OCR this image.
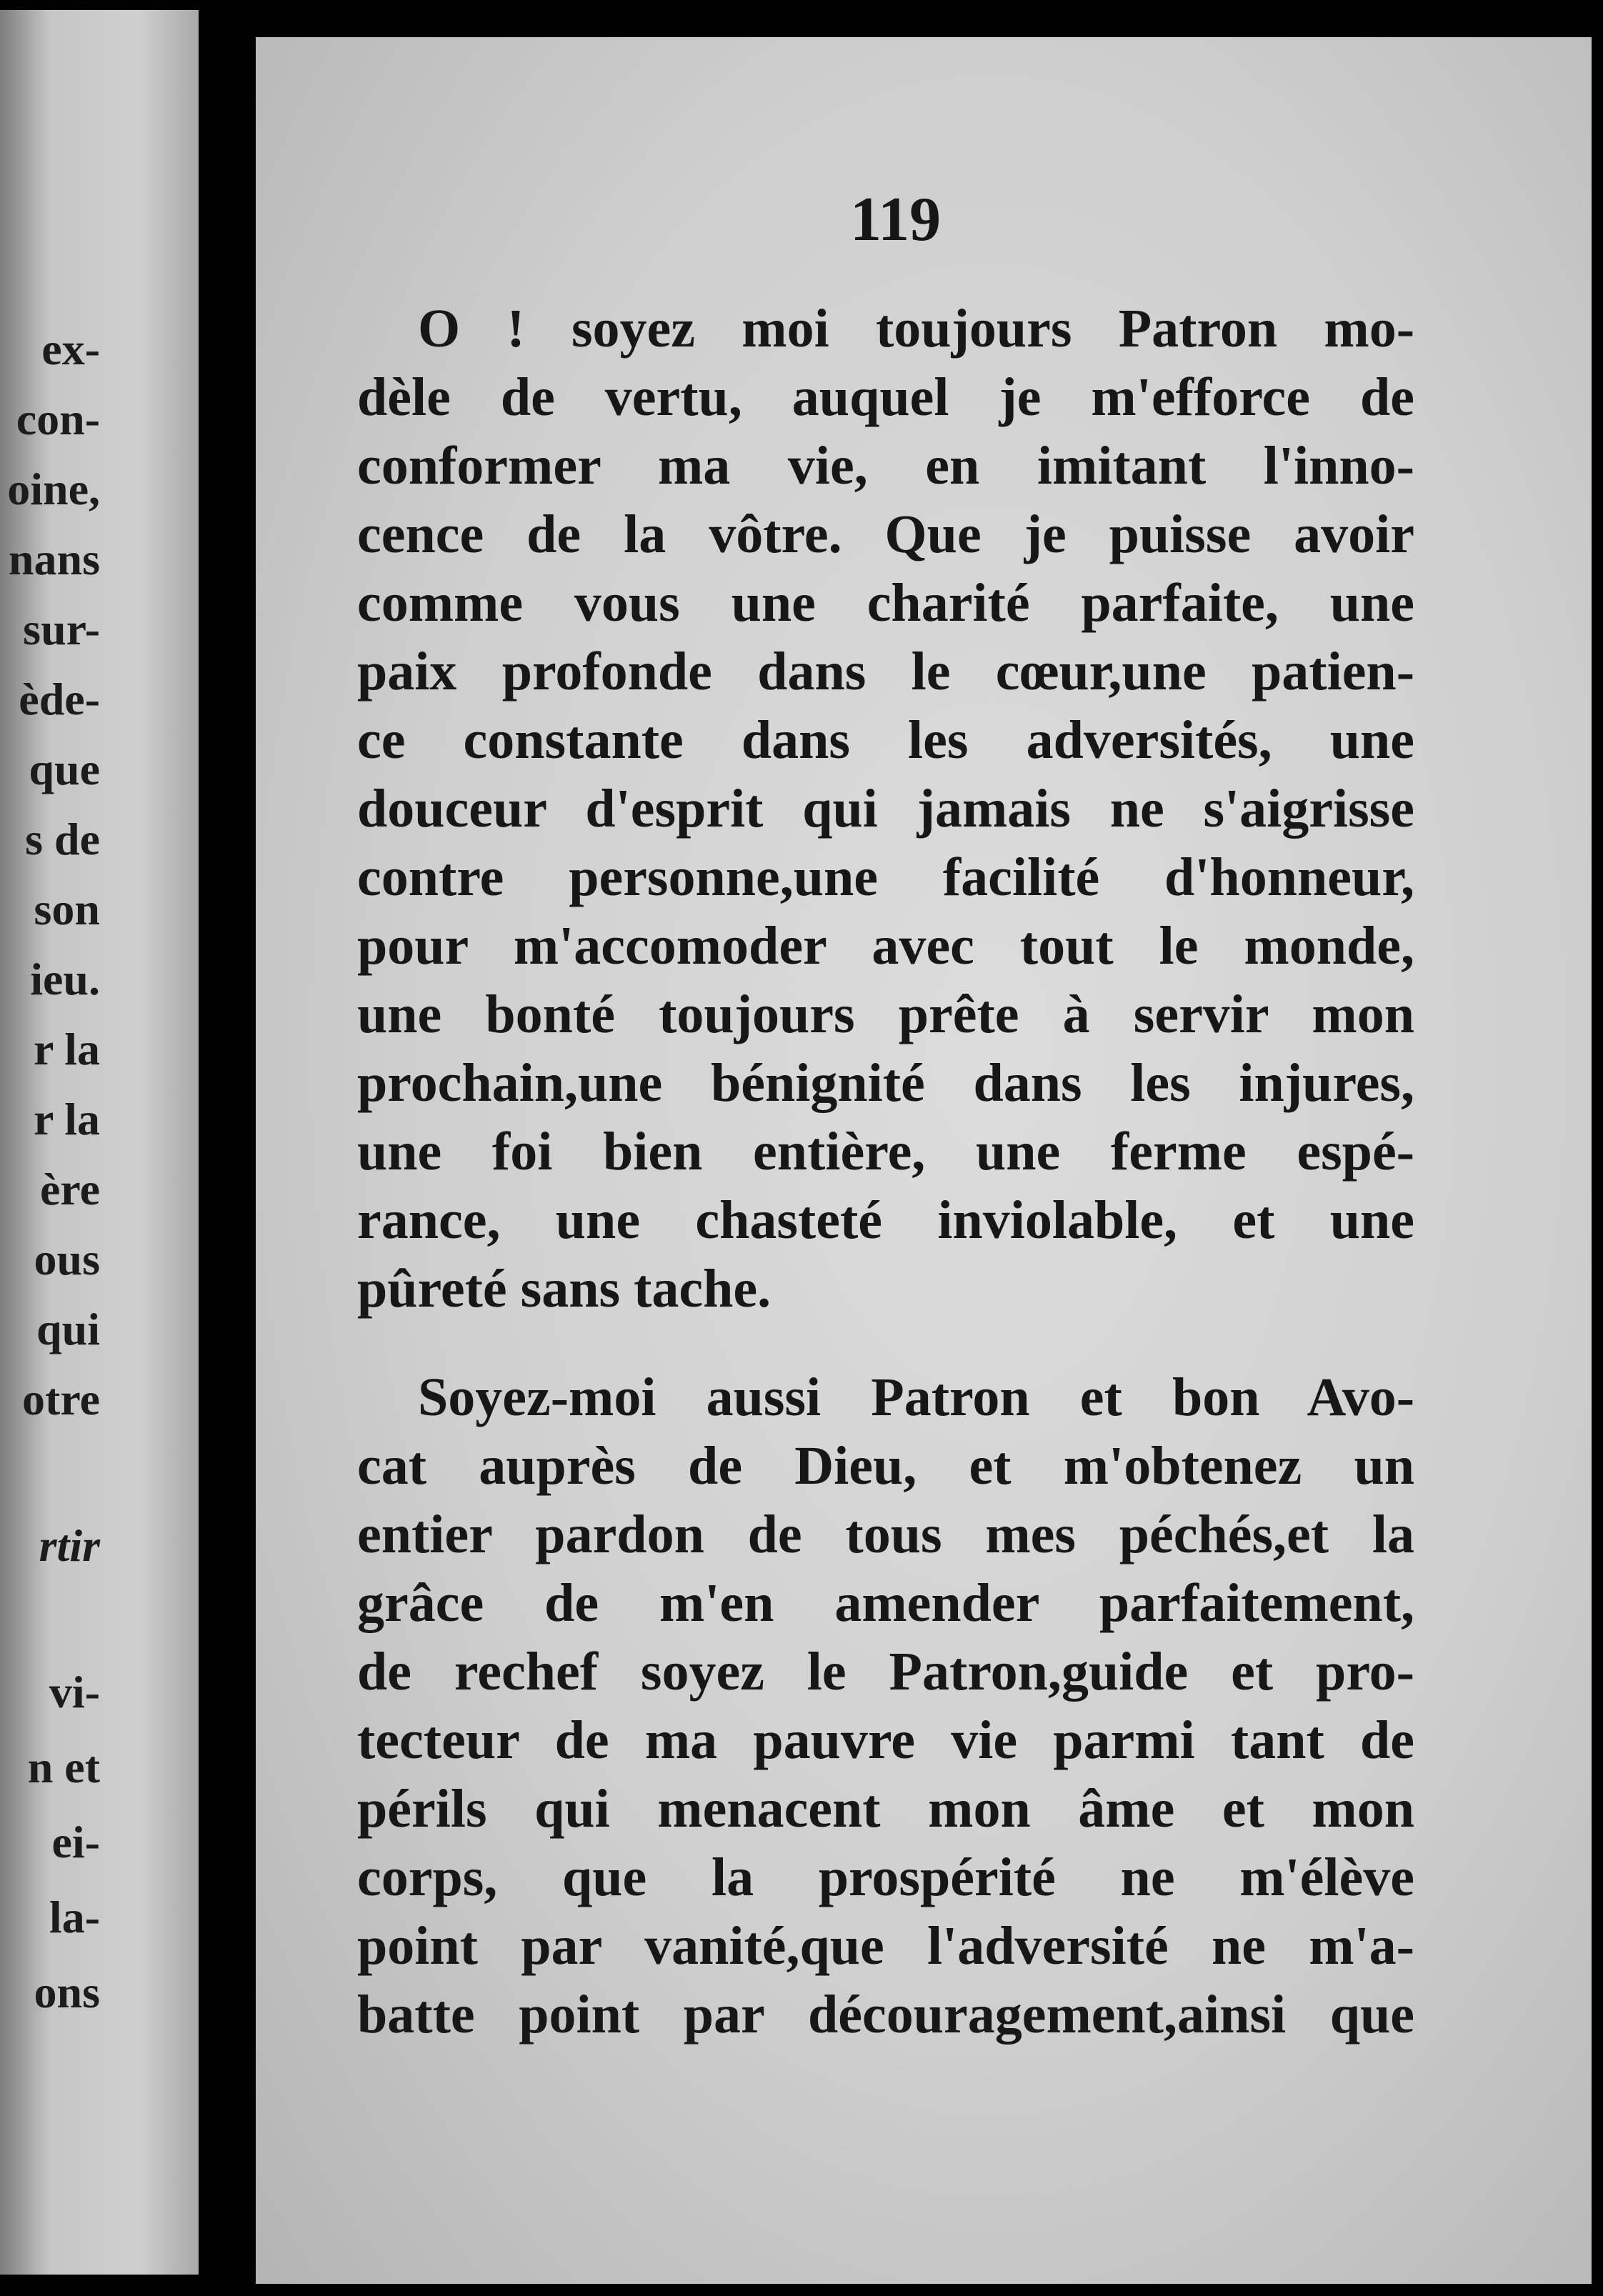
ex-
con-
oine,
nans
sur-
ède-
que
s de
son
ieu.
r la
r la
ère
ous
qui
otre
rtir
vi-
n et
ei-
la-
ons
119
O ! soyez moi toujours Patron mo-
dèle de vertu, auquel je m'efforce de
conformer ma vie, en imitant l'inno-
cence de la vôtre. Que je puisse avoir
comme vous une charité parfaite, une
paix profonde dans le cœur,une patien-
ce constante dans les adversités, une
douceur d'esprit qui jamais ne s'aigrisse
contre personne,une facilité d'honneur,
pour m'accomoder avec tout le monde,
une bonté toujours prête à servir mon
prochain,une bénignité dans les injures,
une foi bien entière, une ferme espé-
rance, une chasteté inviolable, et une
pûreté sans tache.
Soyez-moi aussi Patron et bon Avo-
cat auprès de Dieu, et m'obtenez un
entier pardon de tous mes péchés,et la
grâce de m'en amender parfaitement,
de rechef soyez le Patron,guide et pro-
tecteur de ma pauvre vie parmi tant de
périls qui menacent mon âme et mon
corps, que la prospérité ne m'élève
point par vanité,que l'adversité ne m'a-
batte point par découragement,ainsi que
